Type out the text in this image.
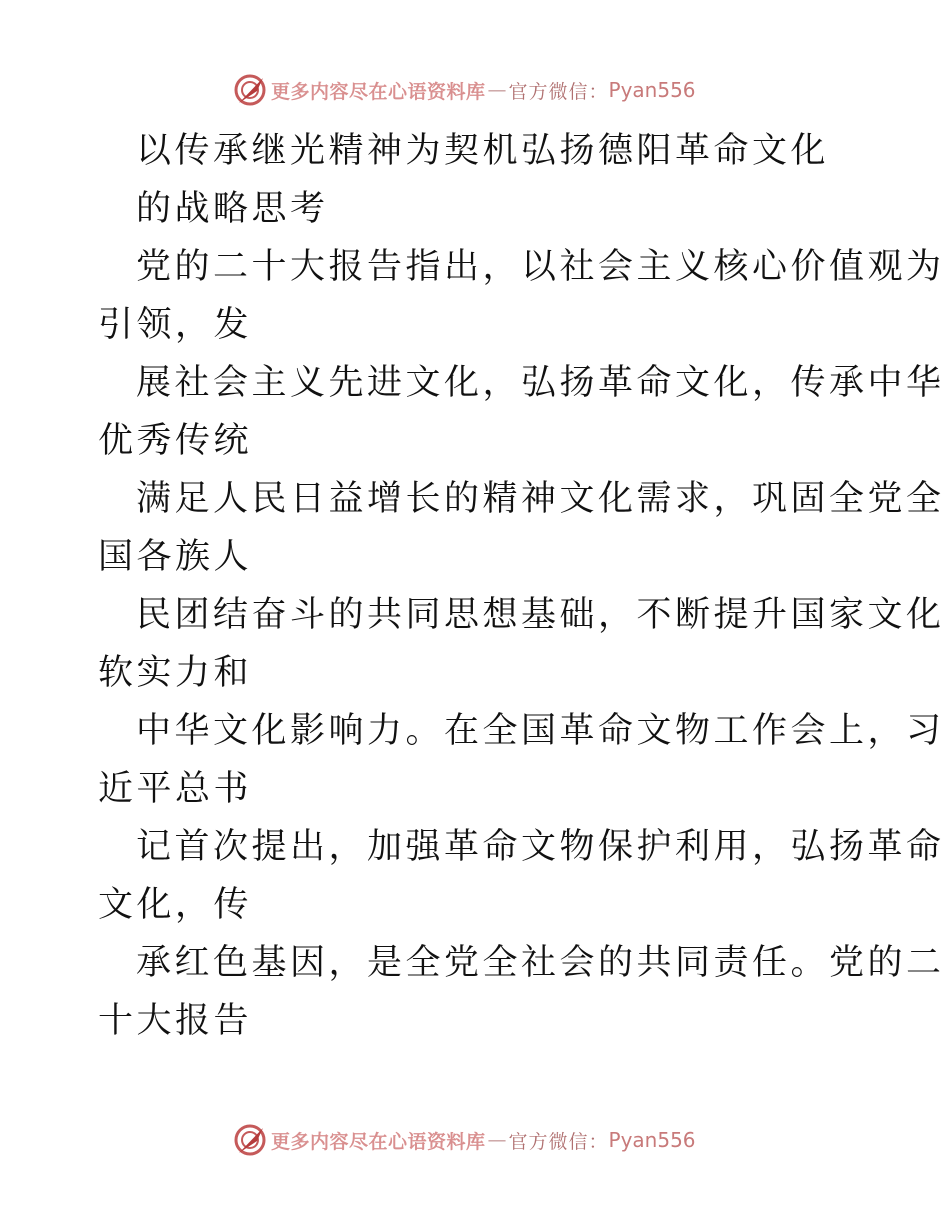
更多内容尽在心语资料库 — 官方微信： Pyan556
以传承继光精神为契机弘扬德阳革命文化
的战略思考
党的二十大报告指出，以社会主义核心价值观为
引领，发
展社会主义先进文化，弘扬革命文化，传承中华
优秀传统
满足人民日益增长的精神文化需求，巩固全党全
国各族人
民团结奋斗的共同思想基础，不断提升国家文化
软实力和
中华文化影响力。在全国革命文物工作会上，习
近平总书
记首次提出，加强革命文物保护利用，弘扬革命
文化，传
承红色基因，是全党全社会的共同责任。党的二
十大报告
更多内容尽在心语资料库 — 官方微信： Pyan556
